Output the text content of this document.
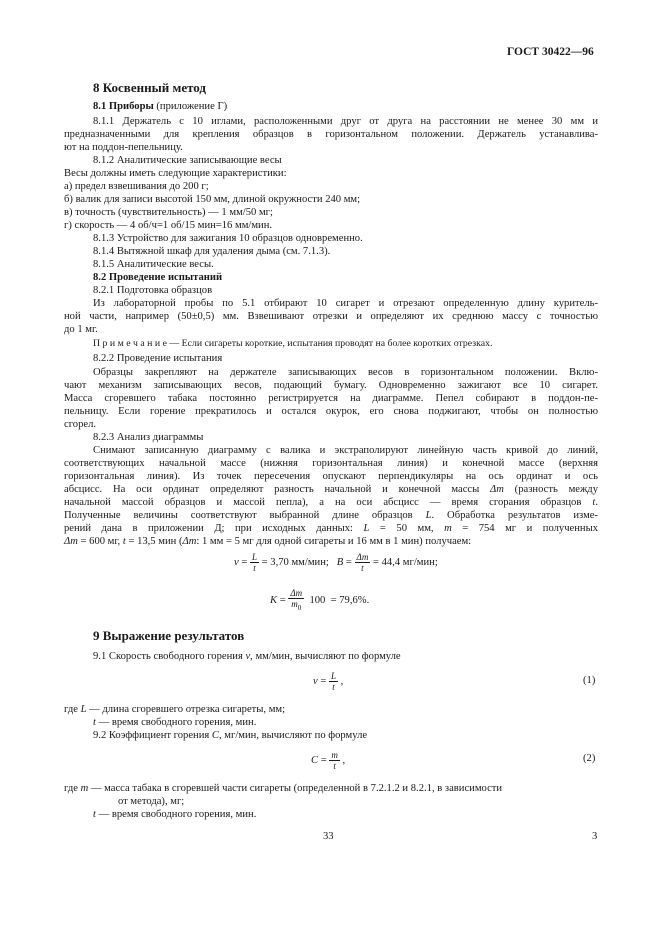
ГОСТ 30422—96
8 Косвенный метод
8.1 Приборы (приложение Г)
8.1.1 Держатель с 10 иглами, расположенными друг от друга на расстоянии не менее 30 мм и
предназначенными для крепления образцов в горизонтальном положении. Держатель устанавлива-
ют на поддон-пепельницу.
8.1.2 Аналитические записывающие весы
Весы должны иметь следующие характеристики:
а) предел взвешивания до 200 г;
б) валик для записи высотой 150 мм, длиной окружности 240 мм;
в) точность (чувствительность) — 1 мм/50 мг;
г) скорость — 4 об/ч=1 об/15 мин=16 мм/мин.
8.1.3 Устройство для зажигания 10 образцов одновременно.
8.1.4 Вытяжной шкаф для удаления дыма (см. 7.1.3).
8.1.5 Аналитические весы.
8.2 Проведение испытаний
8.2.1 Подготовка образцов
Из лабораторной пробы по 5.1 отбирают 10 сигарет и отрезают определенную длину куритель-
ной части, например (50±0,5) мм. Взвешивают отрезки и определяют их среднюю массу с точностью
до 1 мг.
П р и м е ч а н и е — Если сигареты короткие, испытания проводят на более коротких отрезках.
8.2.2 Проведение испытания
Образцы закрепляют на держателе записывающих весов в горизонтальном положении. Вклю-
чают механизм записывающих весов, подающий бумагу. Одновременно зажигают все 10 сигарет.
Масса сгоревшего табака постоянно регистрируется на диаграмме. Пепел собирают в поддон-пе-
пельницу. Если горение прекратилось и остался окурок, его снова поджигают, чтобы он полностью
сгорел.
8.2.3 Анализ диаграммы
Снимают записанную диаграмму с валика и экстраполируют линейную часть кривой до линий,
соответствующих начальной массе (нижняя горизонтальная линия) и конечной массе (верхняя
горизонтальная линия). Из точек пересечения опускают перпендикуляры на ось ординат и ось
абсцисс. На оси ординат определяют разность начальной и конечной массы Δm (разность между
начальной массой образцов и массой пепла), а на оси абсцисс — время сгорания образцов t.
Полученные величины соответствуют выбранной длине образцов L. Обработка результатов изме-
рений дана в приложении Д; при исходных данных: L = 50 мм, m = 754 мг и полученных
Δm = 600 мг, t = 13,5 мин (Δm: 1 мм = 5 мг для одной сигареты и 16 мм в 1 мин) получаем:
$v = \frac{L}{t} = 3,70$ мм/мин; $B = \frac{\Delta m}{t} = 44,4$ мг/мин;
$K = \frac{\Delta m}{m_0} 100 = 79,6\%$.
9 Выражение результатов
9.1 Скорость свободного горения v, мм/мин, вычисляют по формуле
$v = \frac{L}{t}$ ,	(1)
где L — длина сгоревшего отрезка сигареты, мм;
t — время свободного горения, мин.
9.2 Коэффициент горения C, мг/мин, вычисляют по формуле
$C = \frac{m}{t}$ ,	(2)
где m — масса табака в сгоревшей части сигареты (определенной в 7.2.1.2 и 8.2.1, в зависимости
от метода), мг;
t — время свободного горения, мин.
33	3
